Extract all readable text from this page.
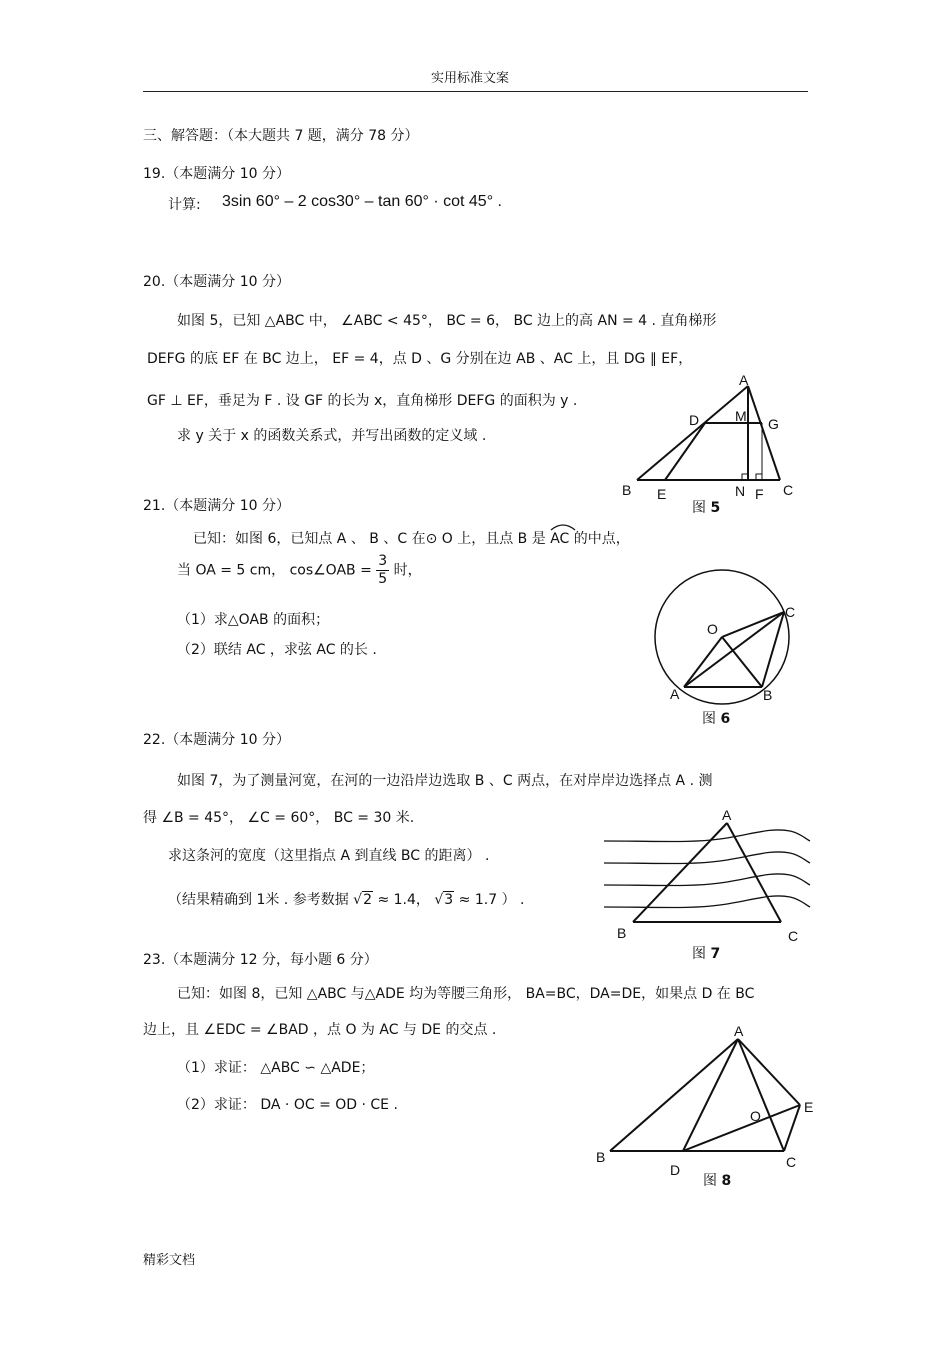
实用标准文案
三、解答题：（本大题共 7 题，满分 78 分）
19.（本题满分 10 分）
计算: 3sin 60° – 2 cos30° – tan 60° · cot 45° .
20.（本题满分 10 分）
如图 5，已知 △ABC 中， ∠ABC < 45°， BC = 6， BC 边上的高 AN = 4 . 直角梯形
DEFG 的底 EF 在 BC 边上， EF = 4，点 D 、G 分别在边 AB 、AC 上，且 DG ∥ EF，
GF ⊥ EF，垂足为 F . 设 GF 的长为 x，直角梯形 DEFG 的面积为 y .
求 y 关于 x 的函数关系式，并写出函数的定义域 .
A
D	M G
B E	N F C
图 5
21.（本题满分 10 分）
已知：如图 6，已知点 A 、 B 、C 在⊙ O 上，且点 B 是 AC 的中点，
当 OA = 5 cm， cos∠OAB = $\frac{3}{5}$ 时，
（1）求△OAB 的面积；
（2）联结 AC ，求弦 AC 的长 .
O
A	B
C
图 6
22.（本题满分 10 分）
如图 7，为了测量河宽，在河的一边沿岸边选取 B 、C 两点，在对岸岸边选择点 A . 测
得 ∠B = 45°， ∠C = 60°， BC = 30 米.
求这条河的宽度（这里指点 A 到直线 BC 的距离） .
（结果精确到 1米 . 参考数据 √2 ≈ 1.4， √3 ≈ 1.7 ） .
A
B	C
图 7
23.（本题满分 12 分，每小题 6 分）
已知：如图 8，已知 △ABC 与△ADE 均为等腰三角形， BA=BC，DA=DE，如果点 D 在 BC
边上，且 ∠EDC = ∠BAD ，点 O 为 AC 与 DE 的交点 .
（1）求证： △ABC ∽ △ADE；
（2）求证： DA · OC = OD · CE .
A
O
E
B
D	C
图 8
精彩文档
